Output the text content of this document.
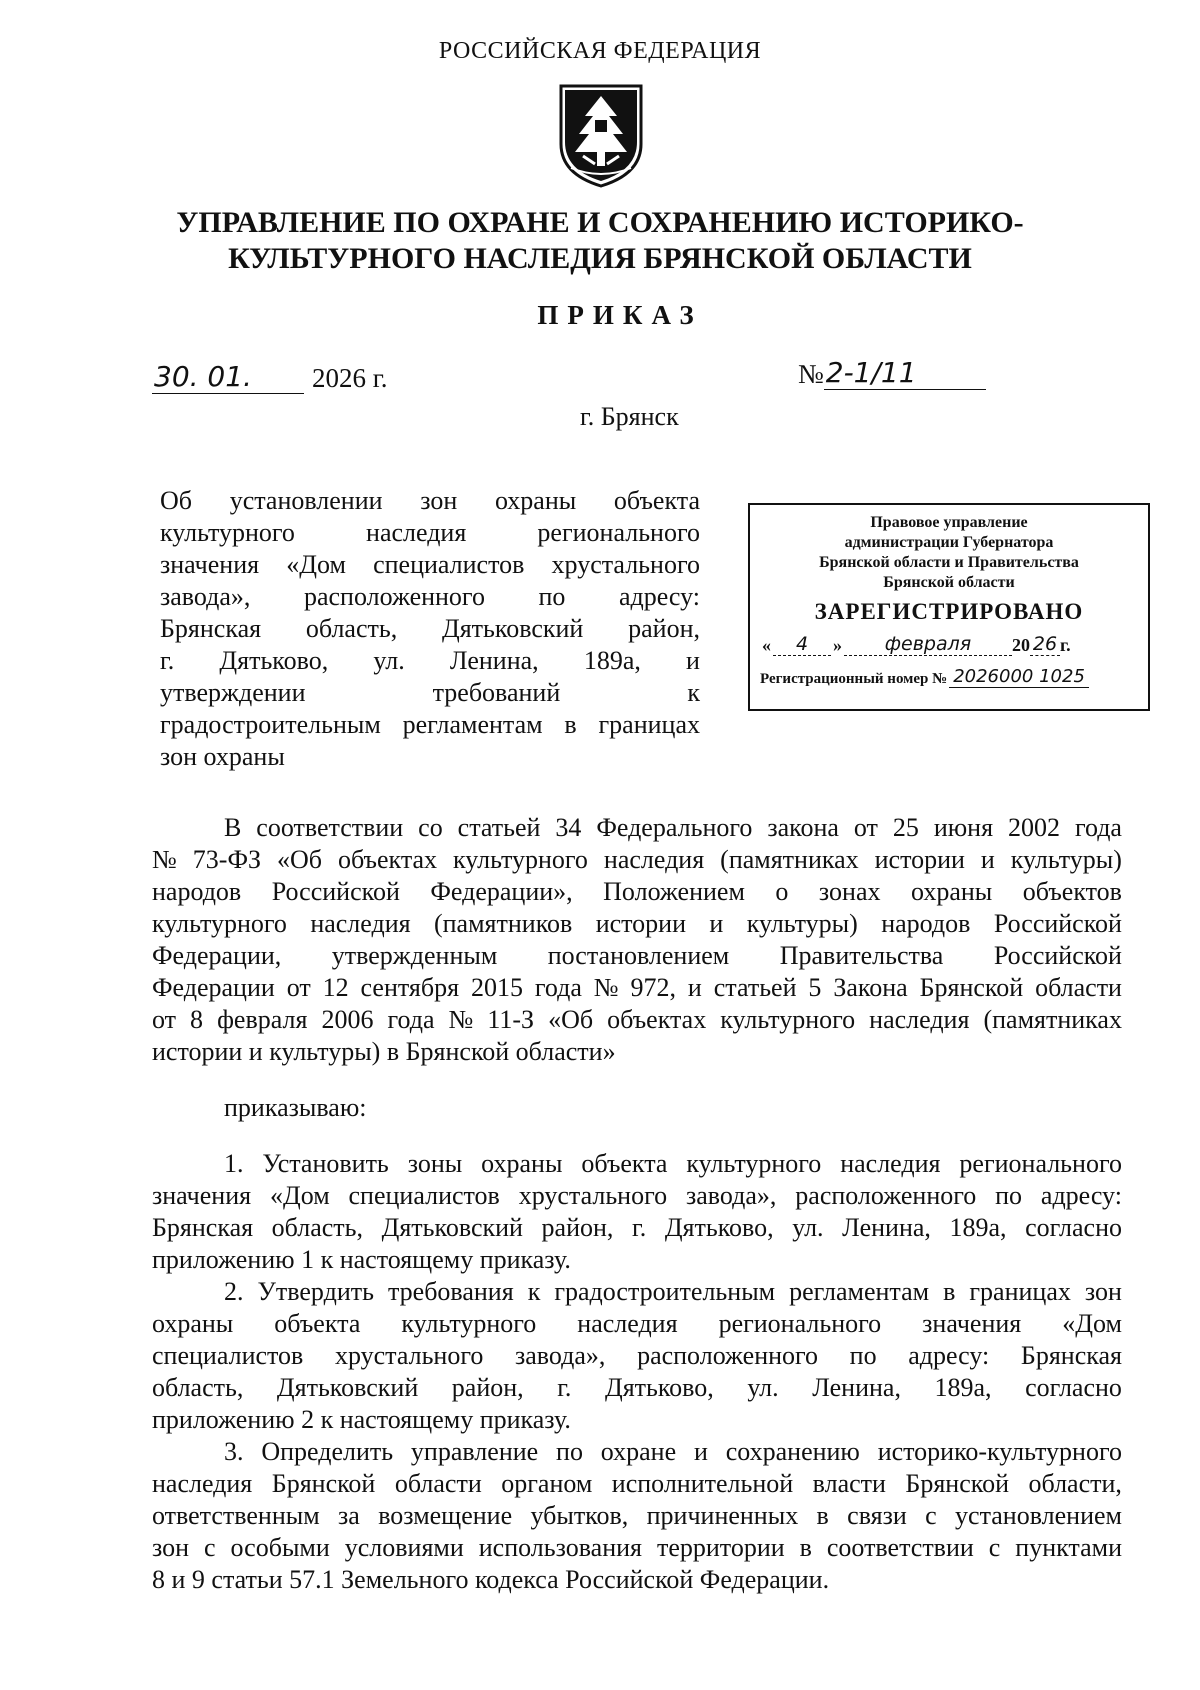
РОССИЙСКАЯ ФЕДЕРАЦИЯ
УПРАВЛЕНИЕ ПО ОХРАНЕ И СОХРАНЕНИЮ ИСТОРИКО-
КУЛЬТУРНОГО НАСЛЕДИЯ БРЯНСКОЙ ОБЛАСТИ
ПРИКАЗ
30. 01.	2026 г.	№ 2-1/11
г. Брянск
Об установлении зон охраны объекта
культурного	наследия	регионального
значения «Дом специалистов хрустального
завода», расположенного по адресу:
Брянская область, Дятьковский район,
г. Дятьково, ул. Ленина, 189а, и
утверждении	требований	к
градостроительным регламентам в границах
зон охраны
Правовое управление
администрации Губернатора
Брянской области и Правительства
Брянской области
ЗАРЕГИСТРИРОВАНО
«	4	»	февраля	20 26 г.
Регистрационный номер № 2026000 1025
В соответствии со статьей 34 Федерального закона от 25 июня 2002 года
№ 73-ФЗ «Об объектах культурного наследия (памятниках истории и культуры)
народов Российской Федерации», Положением о зонах охраны объектов
культурного наследия (памятников истории и культуры) народов Российской
Федерации, утвержденным постановлением Правительства Российской
Федерации от 12 сентября 2015 года № 972, и статьей 5 Закона Брянской области
от 8 февраля 2006 года № 11-З «Об объектах культурного наследия (памятниках
истории и культуры) в Брянской области»
приказываю:
1. Установить зоны охраны объекта культурного наследия регионального
значения «Дом специалистов хрустального завода», расположенного по адресу:
Брянская область, Дятьковский район, г. Дятьково, ул. Ленина, 189а, согласно
приложению 1 к настоящему приказу.
2. Утвердить требования к градостроительным регламентам в границах зон
охраны объекта культурного наследия регионального значения «Дом
специалистов хрустального завода», расположенного по адресу: Брянская
область, Дятьковский район, г. Дятьково, ул. Ленина, 189а, согласно
приложению 2 к настоящему приказу.
3. Определить управление по охране и сохранению историко-культурного
наследия Брянской области органом исполнительной власти Брянской области,
ответственным за возмещение убытков, причиненных в связи с установлением
зон с особыми условиями использования территории в соответствии с пунктами
8 и 9 статьи 57.1 Земельного кодекса Российской Федерации.
